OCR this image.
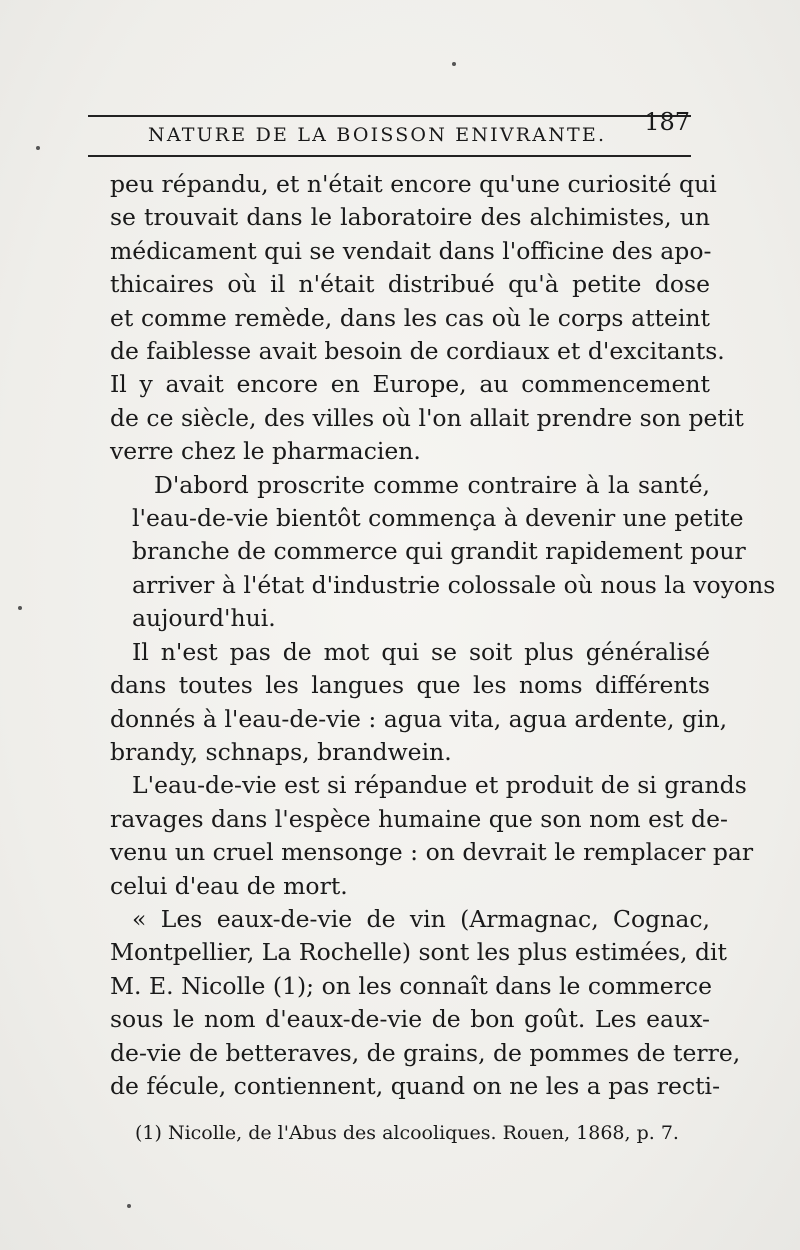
NATURE DE LA BOISSON ENIVRANTE. 187

peu répandu, et n'était encore qu'une curiosité qui
se trouvait dans le laboratoire des alchimistes, un
médicament qui se vendait dans l'officine des apo-
thicaires où il n'était distribué qu'à petite dose
et comme remède, dans les cas où le corps atteint
de faiblesse avait besoin de cordiaux et d'excitants.
Il y avait encore en Europe, au commencement
de ce siècle, des villes où l'on allait prendre son petit
verre chez le pharmacien.

D'abord proscrite comme contraire à la santé,
l'eau-de-vie bientôt commença à devenir une petite
branche de commerce qui grandit rapidement pour
arriver à l'état d'industrie colossale où nous la voyons
aujourd'hui.

Il n'est pas de mot qui se soit plus généralisé
dans toutes les langues que les noms différents
donnés à l'eau-de-vie : agua vita, agua ardente, gin,
brandy, schnaps, brandwein.

L'eau-de-vie est si répandue et produit de si grands
ravages dans l'espèce humaine que son nom est de-
venu un cruel mensonge : on devrait le remplacer par
celui d'eau de mort.

« Les eaux-de-vie de vin (Armagnac, Cognac,
Montpellier, La Rochelle) sont les plus estimées, dit
M. E. Nicolle (1); on les connaît dans le commerce
sous le nom d'eaux-de-vie de bon goût. Les eaux-
de-vie de betteraves, de grains, de pommes de terre,
de fécule, contiennent, quand on ne les a pas recti-

(1) Nicolle, de l'Abus des alcooliques. Rouen, 1868, p. 7.
